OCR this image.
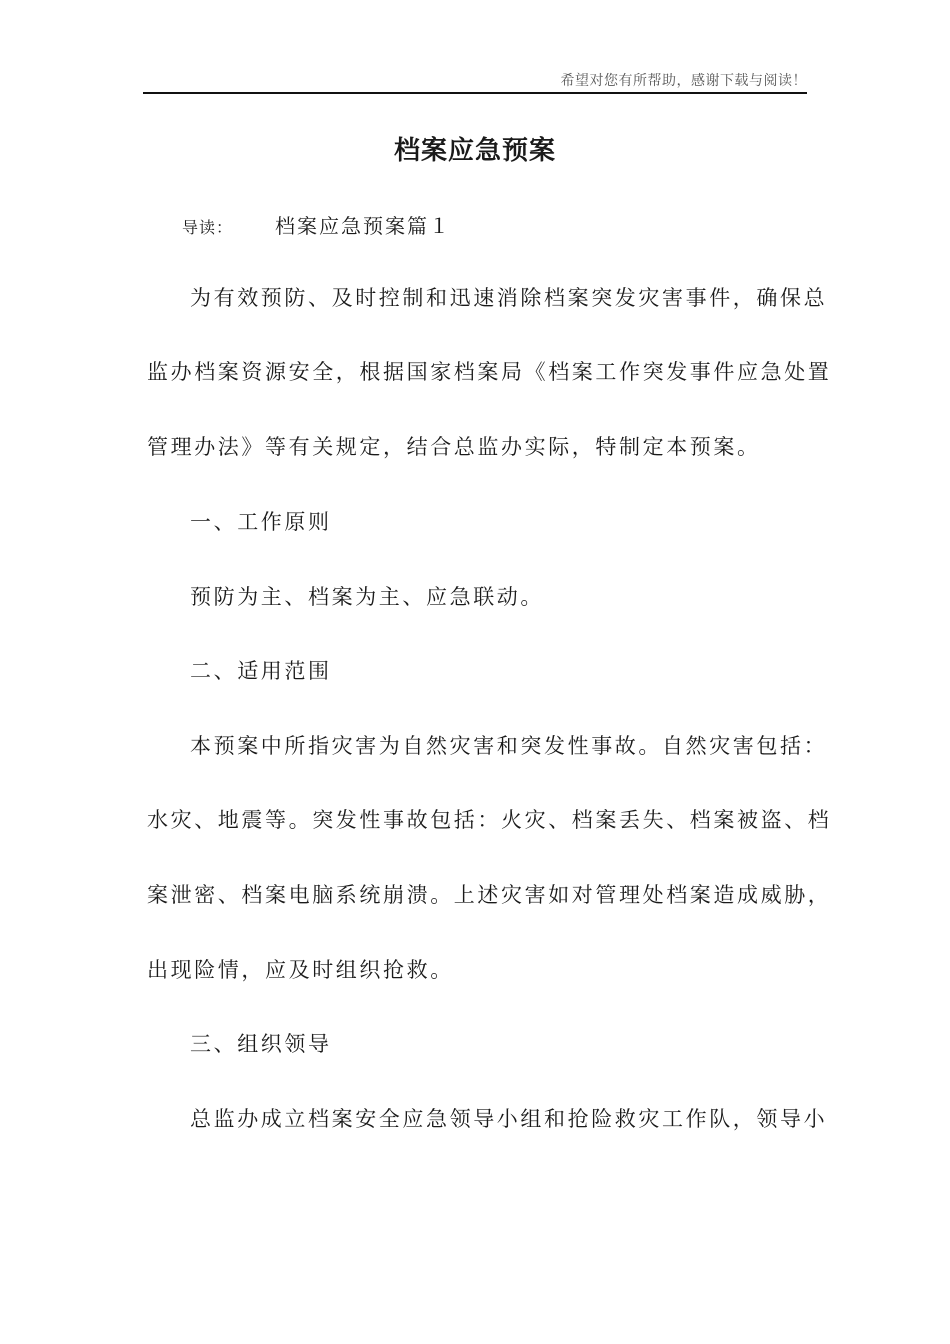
希望对您有所帮助，感谢下载与阅读！
档案应急预案
导读： 档案应急预案篇１
为有效预防、及时控制和迅速消除档案突发灾害事件，确保总
监办档案资源安全，根据国家档案局《档案工作突发事件应急处置
管理办法》等有关规定，结合总监办实际，特制定本预案。
一、工作原则
预防为主、档案为主、应急联动。
二、适用范围
本预案中所指灾害为自然灾害和突发性事故。自然灾害包括：
水灾、地震等。突发性事故包括：火灾、档案丢失、档案被盗、档
案泄密、档案电脑系统崩溃。上述灾害如对管理处档案造成威胁，
出现险情，应及时组织抢救。
三、组织领导
总监办成立档案安全应急领导小组和抢险救灾工作队，领导小
